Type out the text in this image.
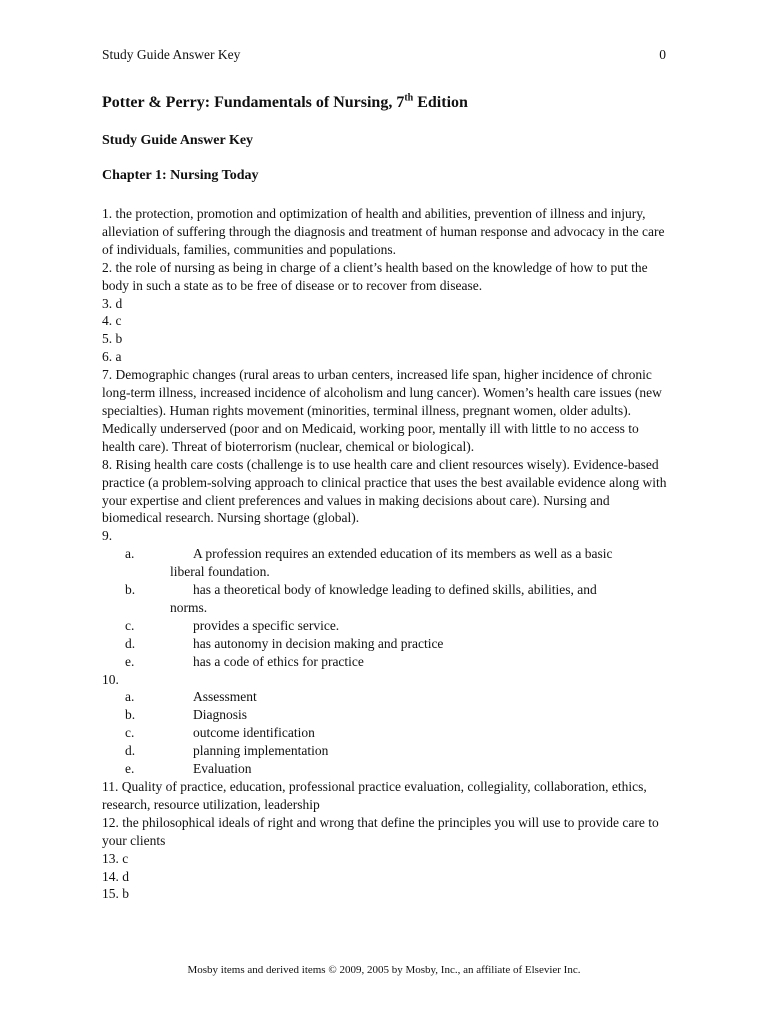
Study Guide Answer Key	0
Potter & Perry: Fundamentals of Nursing, 7th Edition
Study Guide Answer Key
Chapter 1: Nursing Today

1. the protection, promotion and optimization of health and abilities, prevention of illness and injury, alleviation of suffering through the diagnosis and treatment of human response and advocacy in the care of individuals, families, communities and populations.

2. the role of nursing as being in charge of a client’s health based on the knowledge of how to put the body in such a state as to be free of disease or to recover from disease.

3. d

4. c

5. b

6. a

7. Demographic changes (rural areas to urban centers, increased life span, higher incidence of chronic long-term illness, increased incidence of alcoholism and lung cancer). Women’s health care issues (new specialties). Human rights movement (minorities, terminal illness, pregnant women, older adults). Medically underserved (poor and on Medicaid, working poor, mentally ill with little to no access to health care). Threat of bioterrorism (nuclear, chemical or biological).

8. Rising health care costs (challenge is to use health care and client resources wisely). Evidence-based practice (a problem-solving approach to clinical practice that uses the best available evidence along with your expertise and client preferences and values in making decisions about care). Nursing and biomedical research. Nursing shortage (global).

9.

a.	A profession requires an extended education of its members as well as a basic
liberal foundation.
b.	has a theoretical body of knowledge leading to defined skills, abilities, and
norms.
c.	provides a specific service.
d.	has autonomy in decision making and practice
e.	has a code of ethics for practice

10.

a.	Assessment
b.	Diagnosis
c.	outcome identification
d.	planning implementation
e.	Evaluation

11. Quality of practice, education, professional practice evaluation, collegiality, collaboration, ethics, research, resource utilization, leadership

12. the philosophical ideals of right and wrong that define the principles you will use to provide care to your clients

13. c

14. d

15. b

Mosby items and derived items © 2009, 2005 by Mosby, Inc., an affiliate of Elsevier Inc.
